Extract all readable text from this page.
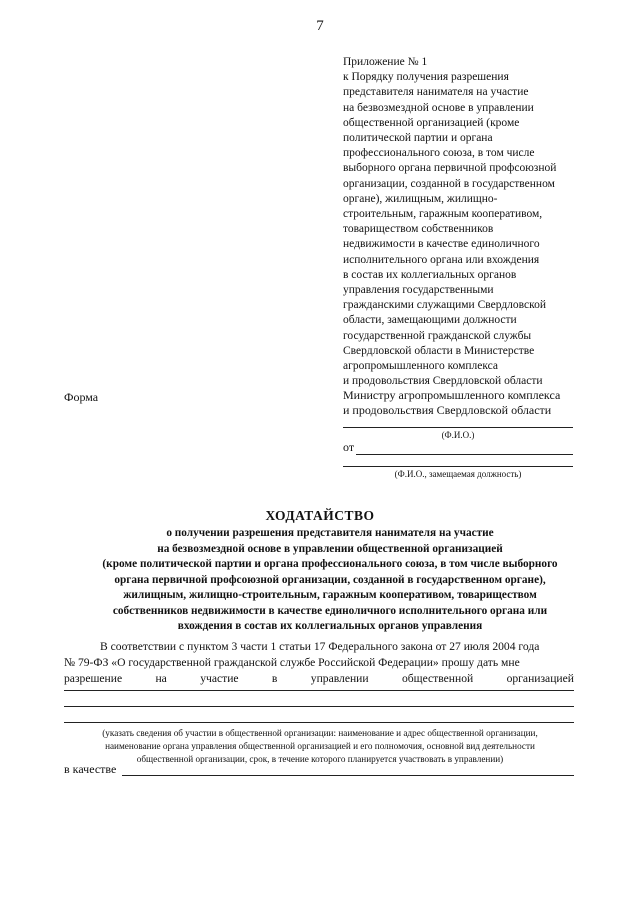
7
Приложение № 1
к Порядку получения разрешения
представителя нанимателя на участие
на безвозмездной основе в управлении
общественной организацией (кроме
политической партии и органа
профессионального союза, в том числе
выборного органа первичной профсоюзной
организации, созданной в государственном
органе), жилищным, жилищно-
строительным, гаражным кооперативом,
товариществом собственников
недвижимости в качестве единоличного
исполнительного органа или вхождения
в состав их коллегиальных органов
управления государственными
гражданскими служащими Свердловской
области, замещающими должности
государственной гражданской службы
Свердловской области в Министерстве
агропромышленного комплекса
и продовольствия Свердловской области
Форма	Министру агропромышленного комплекса
и продовольствия Свердловской области
(Ф.И.О.)
от
(Ф.И.О., замещаемая должность)
ХОДАТАЙСТВО
о получении разрешения представителя нанимателя на участие
на безвозмездной основе в управлении общественной организацией
(кроме политической партии и органа профессионального союза, в том числе выборного
органа первичной профсоюзной организации, созданной в государственном органе),
жилищным, жилищно-строительным, гаражным кооперативом, товариществом
собственников недвижимости в качестве единоличного исполнительного органа или
вхождения в состав их коллегиальных органов управления
В соответствии с пунктом 3 части 1 статьи 17 Федерального закона от 27 июля 2004 года
№ 79-ФЗ «О государственной гражданской службе Российской Федерации» прошу дать мне
разрешение	на	участие	в	управлении	общественной	организацией
(указать сведения об участии в общественной организации: наименование и адрес общественной организации,
наименование органа управления общественной организацией и его полномочия, основной вид деятельности
общественной организации, срок, в течение которого планируется участвовать в управлении)
в качестве
